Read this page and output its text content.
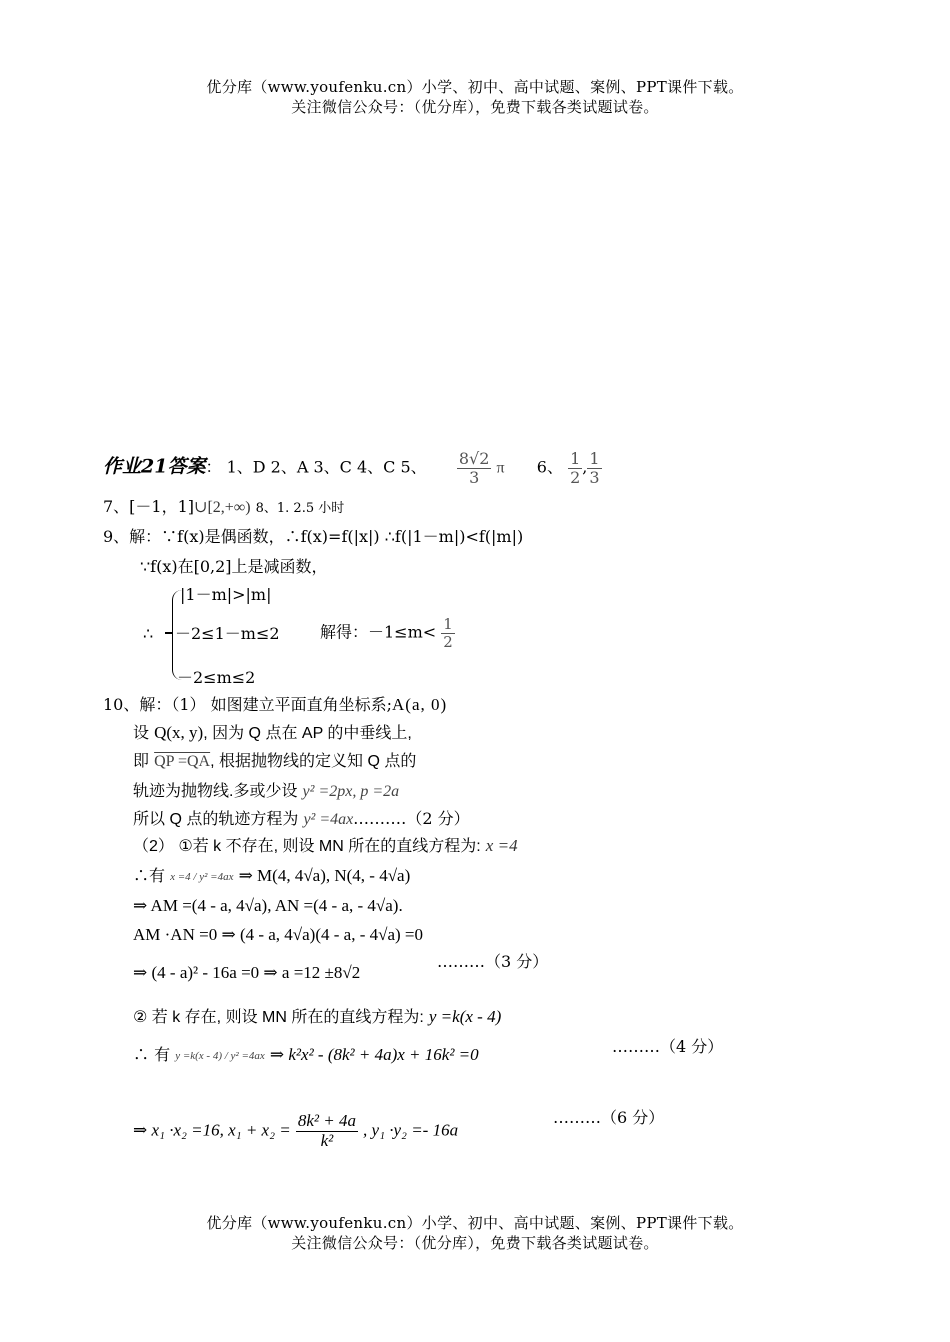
优分库（www.youfenku.cn）小学、初中、高中试题、案例、PPT课件下载。
关注微信公众号：（优分库），免费下载各类试题试卷。
作业21答案： 1、D 2、A 3、C 4、C 5、 $\frac{8√2}{3}$ π 6、 $\frac{1}{2}$ , $\frac{1}{3}$
7、[－1，1]∪[2,+∞) 8、1. 2.5 小时
9、解：∵f(x)是偶函数，∴f(x)=f(|x|) ∴f(|1－m|)<f(|m|)
∵f(x)在[0,2]上是减函数，
|1－m|>|m|
∴ －2≤1－m≤2	解得：$-1\le m< \frac{1}{2}$
－2≤m≤2
10、解：（1） 如图建立平面直角坐标系;A(a, 0)
设 Q(x, y), 因为 Q 点在 AP 的中垂线上,
即 QP =QA, 根据抛物线的定义知 Q 点的
轨迹为抛物线.多或少设 y² =2px, p =2a
所以 Q 点的轨迹方程为 y² =4ax.………（2 分）
（2） ①若 k 不存在, 则设 MN 所在的直线方程为: x =4
∴有 x =4 / y² =4ax ⇒ M(4, 4√a), N(4, - 4√a)
⇒ AM =(4 - a, 4√a), AN =(4 - a, - 4√a).
AM ·AN =0 ⇒ (4 - a, 4√a)(4 - a, - 4√a) =0
⇒ (4 - a)² - 16a =0 ⇒ a =12 ±8√2
………（3 分）
② 若 k 存在, 则设 MN 所在的直线方程为: y =k(x - 4)
∴ 有 y =k(x - 4) / y² =4ax ⇒ k²x² - (8k² + 4a)x + 16k² =0	………（4 分）
⇒ x₁ ·x₂ =16, $x_1 + x_2 = \frac{\text{8k² + 4a}}{\text{k²}}$ , y₁ ·y₂ =- 16a
………（6 分）
优分库（www.youfenku.cn）小学、初中、高中试题、案例、PPT课件下载。
关注微信公众号：（优分库），免费下载各类试题试卷。
